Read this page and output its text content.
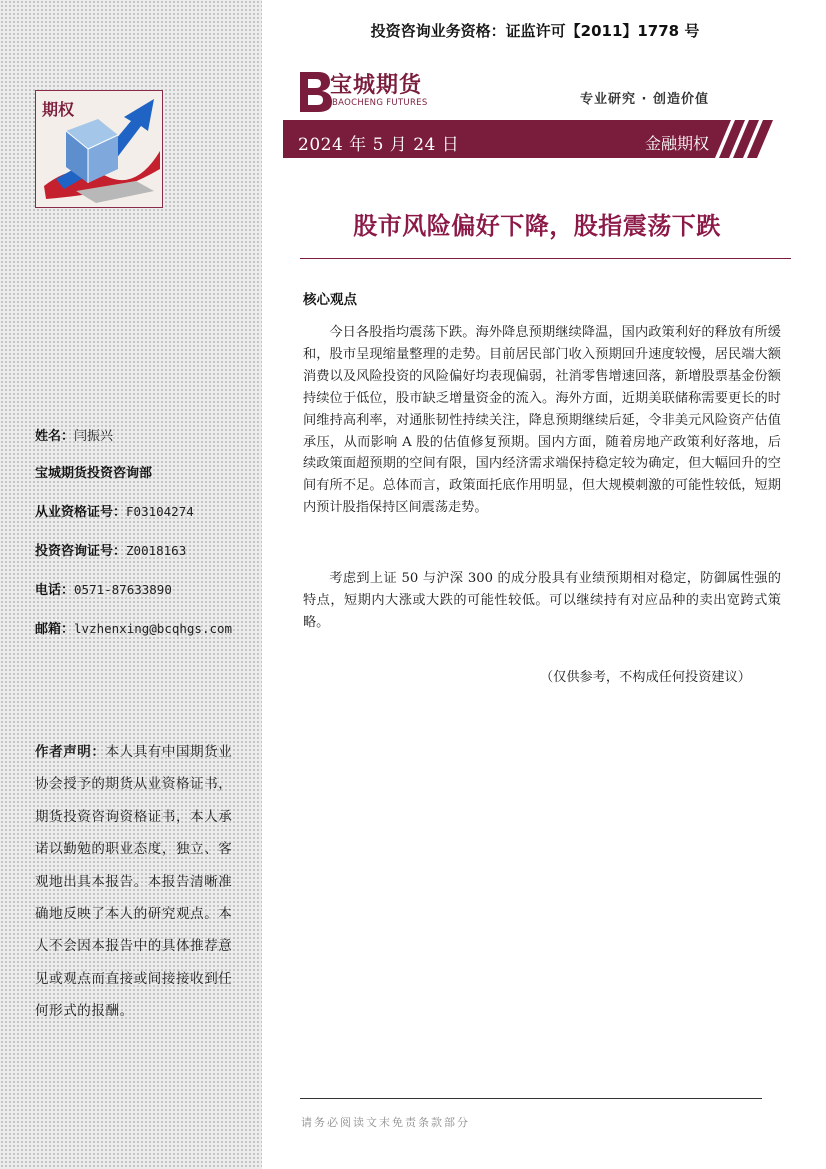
期权
姓名：闫振兴
宝城期货投资咨询部
从业资格证号：F03104274
投资咨询证号：Z0018163
电话：0571-87633890
邮箱：lvzhenxing@bcqhgs.com
作者声明：本人具有中国期货业协会授予的期货从业资格证书，期货投资咨询资格证书，本人承诺以勤勉的职业态度，独立、客观地出具本报告。本报告清晰准确地反映了本人的研究观点。本人不会因本报告中的具体推荐意见或观点而直接或间接接收到任何形式的报酬。
投资咨询业务资格：证监许可【2011】1778 号
宝城期货
BAOCHENG FUTURES	专业研究 · 创造价值
2024 年 5 月 24 日	金融期权
股市风险偏好下降，股指震荡下跌
核心观点

今日各股指均震荡下跌。海外降息预期继续降温，国内政策利好的释放有所缓和，股市呈现缩量整理的走势。目前居民部门收入预期回升速度较慢，居民端大额消费以及风险投资的风险偏好均表现偏弱，社消零售增速回落，新增股票基金份额持续位于低位，股市缺乏增量资金的流入。海外方面，近期美联储称需要更长的时间维持高利率，对通胀韧性持续关注，降息预期继续后延，令非美元风险资产估值承压，从而影响 A 股的估值修复预期。国内方面，随着房地产政策利好落地，后续政策面超预期的空间有限，国内经济需求端保持稳定较为确定，但大幅回升的空间有所不足。总体而言，政策面托底作用明显，但大规模刺激的可能性较低，短期内预计股指保持区间震荡走势。

考虑到上证 50 与沪深 300 的成分股具有业绩预期相对稳定，防御属性强的特点，短期内大涨或大跌的可能性较低。可以继续持有对应品种的卖出宽跨式策略。

（仅供参考，不构成任何投资建议）
请务必阅读文末免责条款部分
